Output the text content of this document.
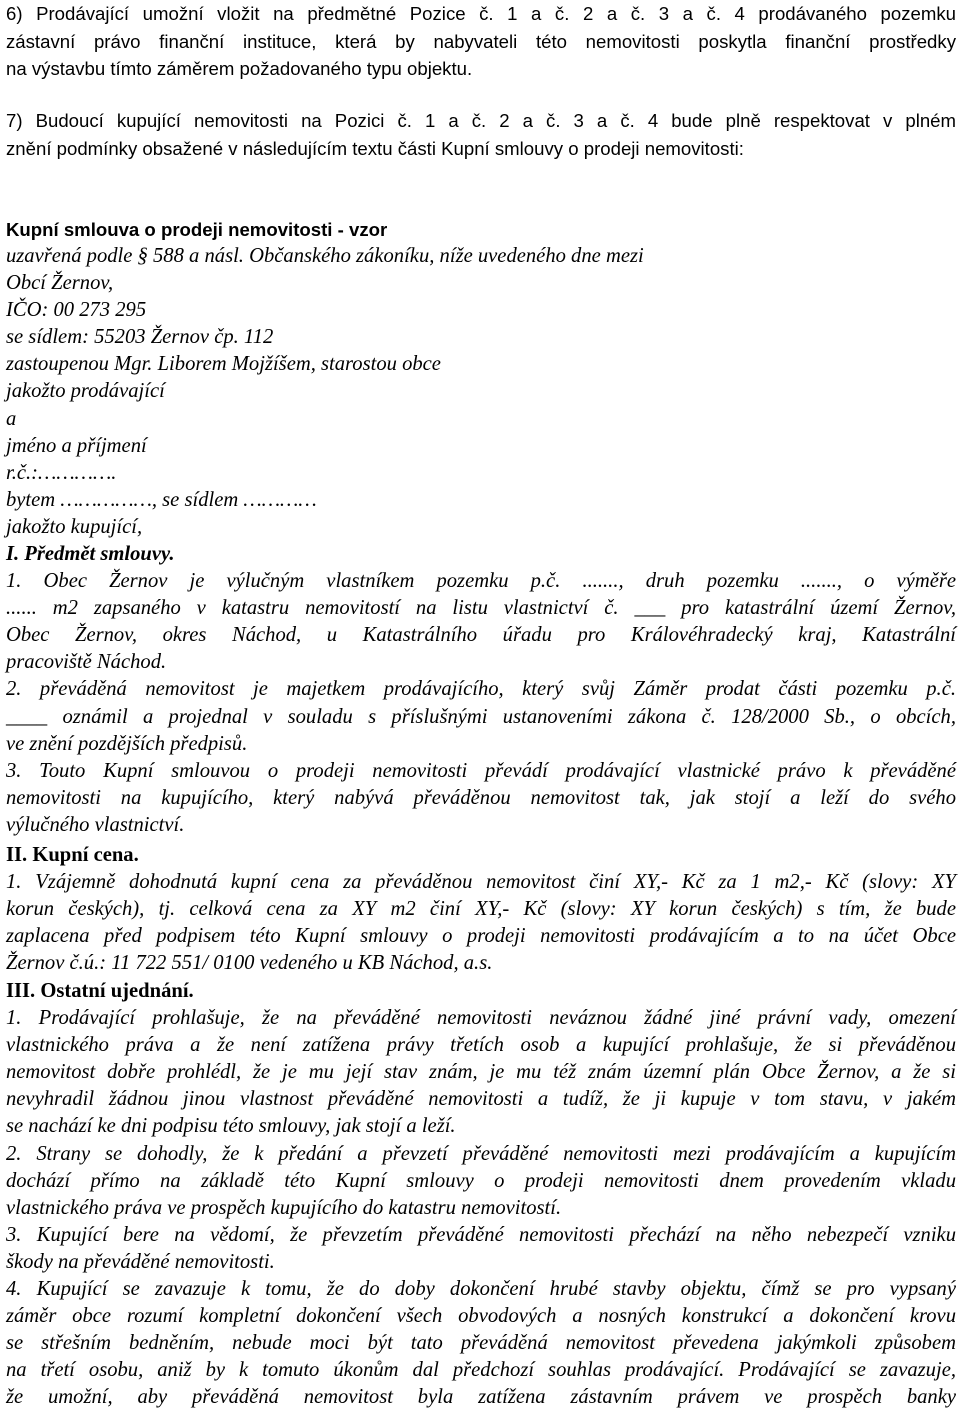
6) Prodávající umožní vložit na předmětné Pozice č. 1 a č. 2 a č. 3 a č. 4 prodávaného pozemku
zástavní právo finanční instituce, která by nabyvateli této nemovitosti poskytla finanční prostředky
na výstavbu tímto záměrem požadovaného typu objektu.
7) Budoucí kupující nemovitosti na Pozici č. 1 a č. 2 a č. 3 a č. 4 bude plně respektovat v plném
znění podmínky obsažené v následujícím textu části Kupní smlouvy o prodeji nemovitosti:
Kupní smlouva o prodeji nemovitosti - vzor
uzavřená podle § 588 a násl. Občanského zákoníku, níže uvedeného dne mezi
Obcí Žernov,
IČO: 00 273 295
se sídlem: 55203 Žernov čp. 112
zastoupenou Mgr. Liborem Mojžíšem, starostou obce
jakožto prodávající
a
jméno a příjmení
r.č.:………….
bytem ……………, se sídlem …………
jakožto kupující,
I. Předmět smlouvy.
1. Obec Žernov je výlučným vlastníkem pozemku p.č. ......., druh pozemku ......., o výměře
...... m2 zapsaného v katastru nemovitostí na listu vlastnictví č. ___ pro katastrální území Žernov,
Obec Žernov, okres Náchod, u Katastrálního úřadu pro Královéhradecký kraj, Katastrální
pracoviště Náchod.
2. převáděná nemovitost je majetkem prodávajícího, který svůj Záměr prodat části pozemku p.č.
____ oznámil a projednal v souladu s příslušnými ustanoveními zákona č. 128/2000 Sb., o obcích,
ve znění pozdějších předpisů.
3. Touto Kupní smlouvou o prodeji nemovitosti převádí prodávající vlastnické právo k převáděné
nemovitosti na kupujícího, který nabývá převáděnou nemovitost tak, jak stojí a leží do svého
výlučného vlastnictví.
II. Kupní cena.
1. Vzájemně dohodnutá kupní cena za převáděnou nemovitost činí XY,- Kč za 1 m2,- Kč (slovy: XY
korun českých), tj. celková cena za XY m2 činí XY,- Kč (slovy: XY korun českých) s tím, že bude
zaplacena před podpisem této Kupní smlouvy o prodeji nemovitosti prodávajícím a to na účet Obce
Žernov č.ú.: 11 722 551/ 0100 vedeného u KB Náchod, a.s.
III. Ostatní ujednání.
1. Prodávající prohlašuje, že na převáděné nemovitosti neváznou žádné jiné právní vady, omezení
vlastnického práva a že není zatížena právy třetích osob a kupující prohlašuje, že si převáděnou
nemovitost dobře prohlédl, že je mu její stav znám, je mu též znám územní plán Obce Žernov, a že si
nevyhradil žádnou jinou vlastnost převáděné nemovitosti a tudíž, že ji kupuje v tom stavu, v jakém
se nachází ke dni podpisu této smlouvy, jak stojí a leží.
2. Strany se dohodly, že k předání a převzetí převáděné nemovitosti mezi prodávajícím a kupujícím
dochází přímo na základě této Kupní smlouvy o prodeji nemovitosti dnem provedením vkladu
vlastnického práva ve prospěch kupujícího do katastru nemovitostí.
3. Kupující bere na vědomí, že převzetím převáděné nemovitosti přechází na něho nebezpečí vzniku
škody na převáděné nemovitosti.
4. Kupující se zavazuje k tomu, že do doby dokončení hrubé stavby objektu, čímž se pro vypsaný
záměr obce rozumí kompletní dokončení všech obvodových a nosných konstrukcí a dokončení krovu
se střešním bedněním, nebude moci být tato převáděná nemovitost převedena jakýmkoli způsobem
na třetí osobu, aniž by k tomuto úkonům dal předchozí souhlas prodávající. Prodávající se zavazuje,
že umožní, aby převáděná nemovitost byla zatížena zástavním právem ve prospěch banky
